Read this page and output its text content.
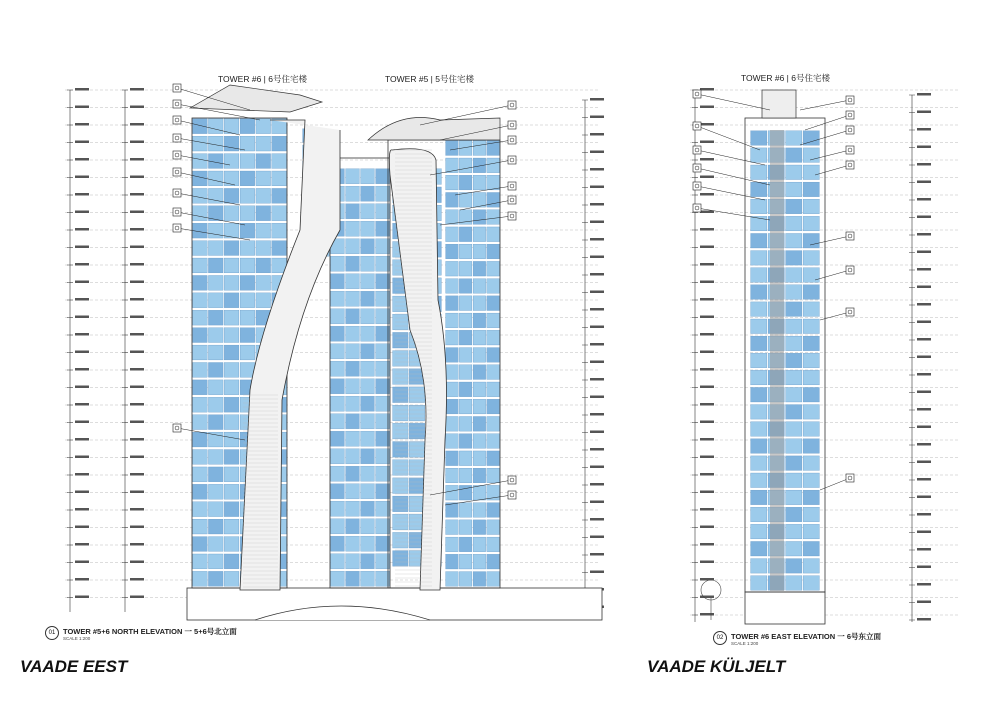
TOWER #6 | 6号住宅楼	TOWER #5 | 5号住宅楼	TOWER #6 | 6号住宅楼
01	TOWER #5+6 NORTH ELEVATION 一 5+6号北立面
SCALE 1:200	02	TOWER #6 EAST ELEVATION 一 6号东立面
SCALE 1:200
VAADE EEST	VAADE KÜLJELT
